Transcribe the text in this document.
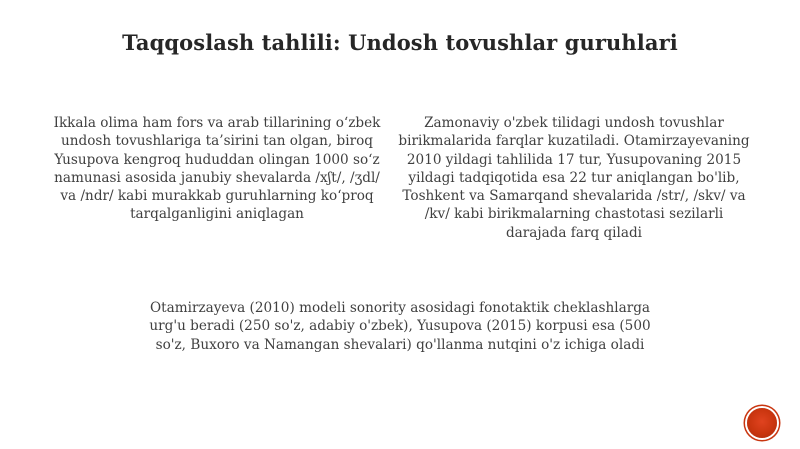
Taqqoslash tahlili: Undosh tovushlar guruhlari
Ikkala olima ham fors va arab tillarining o‘zbek undosh tovushlariga ta’sirini tan olgan, biroq Yusupova kengroq hududdan olingan 1000 so‘z namunasi asosida janubiy shevalarda /xʃt/, /ʒdl/ va /ndr/ kabi murakkab guruhlarning ko‘proq tarqalganligini aniqlagan
Zamonaviy o'zbek tilidagi undosh tovushlar birikmalarida farqlar kuzatiladi. Otamirzayevaning 2010 yildagi tahlilida 17 tur, Yusupovaning 2015 yildagi tadqiqotida esa 22 tur aniqlangan bo'lib, Toshkent va Samarqand shevalarida /str/, /skv/ va /kv/ kabi birikmalarning chastotasi sezilarli darajada farq qiladi
Otamirzayeva (2010) modeli sonority asosidagi fonotaktik cheklashlarga urg'u beradi (250 so'z, adabiy o'zbek), Yusupova (2015) korpusi esa (500 so'z, Buxoro va Namangan shevalari) qo'llanma nutqini o'z ichiga oladi
